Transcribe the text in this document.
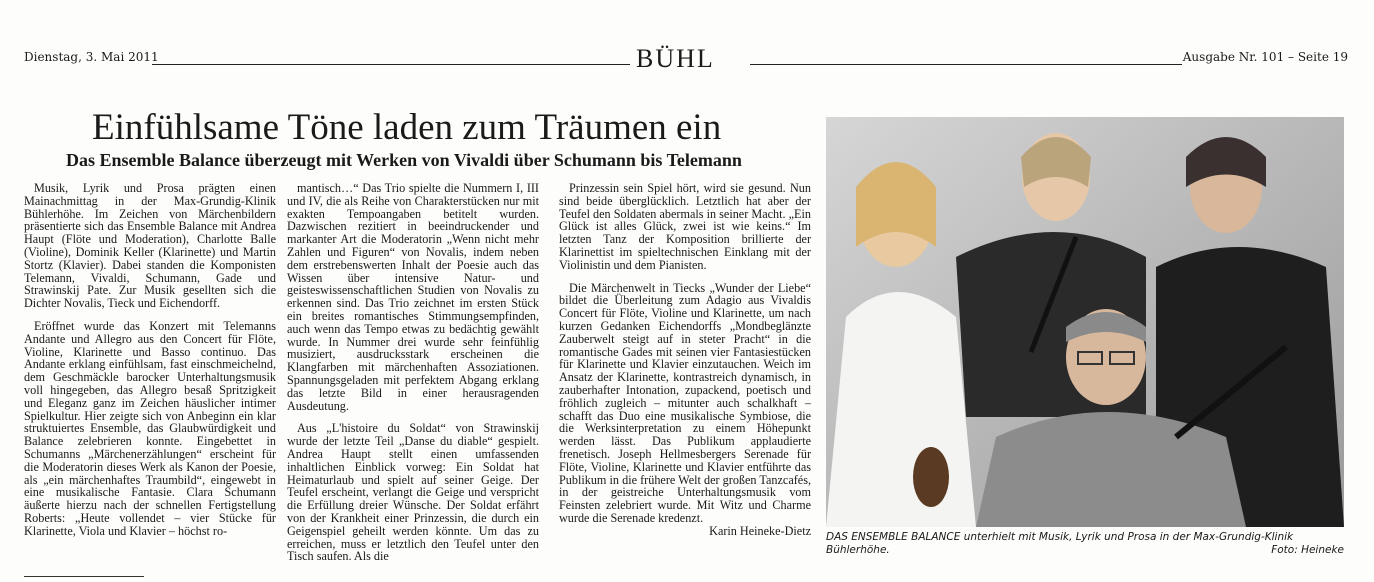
Dienstag, 3. Mai 2011	BÜHL	Ausgabe Nr. 101 – Seite 19
Einfühlsame Töne laden zum Träumen ein
Das Ensemble Balance überzeugt mit Werken von Vivaldi über Schumann bis Telemann

Musik, Lyrik und Prosa prägten einen Mainachmittag in der Max-Grundig-Klinik Bühlerhöhe. Im Zeichen von Märchenbildern präsentierte sich das Ensemble Balance mit Andrea Haupt (Flöte und Moderation), Charlotte Balle (Violine), Dominik Keller (Klarinette) und Martin Stortz (Klavier). Dabei standen die Komponisten Telemann, Vivaldi, Schumann, Gade und Strawinskij Pate. Zur Musik gesellten sich die Dichter Novalis, Tieck und Eichendorff.

Eröffnet wurde das Konzert mit Telemanns Andante und Allegro aus den Concert für Flöte, Violine, Klarinette und Basso continuo. Das Andante erklang einfühlsam, fast einschmeichelnd, dem Geschmäckle barocker Unterhaltungsmusik voll hingegeben, das Allegro besaß Spritzigkeit und Eleganz ganz im Zeichen häuslicher intimer Spielkultur. Hier zeigte sich von Anbeginn ein klar struktuiertes Ensemble, das Glaubwürdigkeit und Balance zelebrieren konnte. Eingebettet in Schumanns „Märchenerzählungen“ erscheint für die Moderatorin dieses Werk als Kanon der Poesie, als „ein märchenhaftes Traumbild“, eingewebt in eine musikalische Fantasie. Clara Schumann äußerte hierzu nach der schnellen Fertigstellung Roberts: „Heute vollendet – vier Stücke für Klarinette, Viola und Klavier – höchst ro-

mantisch…“ Das Trio spielte die Nummern I, III und IV, die als Reihe von Charakterstücken nur mit exakten Tempoangaben betitelt wurden. Dazwischen rezitiert in beeindruckender und markanter Art die Moderatorin „Wenn nicht mehr Zahlen und Figuren“ von Novalis, indem neben dem erstrebenswerten Inhalt der Poesie auch das Wissen über intensive Natur- und geisteswissenschaftlichen Studien von Novalis zu erkennen sind. Das Trio zeichnet im ersten Stück ein breites romantisches Stimmungsempfinden, auch wenn das Tempo etwas zu bedächtig gewählt wurde. In Nummer drei wurde sehr feinfühlig musiziert, ausdrucksstark erscheinen die Klangfarben mit märchenhaften Assoziationen. Spannungsgeladen mit perfektem Abgang erklang das letzte Bild in einer herausragenden Ausdeutung.

Aus „L'histoire du Soldat“ von Strawinskij wurde der letzte Teil „Danse du diable“ gespielt. Andrea Haupt stellt einen umfassenden inhaltlichen Einblick vorweg: Ein Soldat hat Heimaturlaub und spielt auf seiner Geige. Der Teufel erscheint, verlangt die Geige und verspricht die Erfüllung dreier Wünsche. Der Soldat erfährt von der Krankheit einer Prinzessin, die durch ein Geigenspiel geheilt werden könnte. Um das zu erreichen, muss er letztlich den Teufel unter den Tisch saufen. Als die

Prinzessin sein Spiel hört, wird sie gesund. Nun sind beide überglücklich. Letztlich hat aber der Teufel den Soldaten abermals in seiner Macht. „Ein Glück ist alles Glück, zwei ist wie keins.“ Im letzten Tanz der Komposition brillierte der Klarinettist im spieltechnischen Einklang mit der Violinistin und dem Pianisten.

Die Märchenwelt in Tiecks „Wunder der Liebe“ bildet die Überleitung zum Adagio aus Vivaldis Concert für Flöte, Violine und Klarinette, um nach kurzen Gedanken Eichendorffs „Mondbeglänzte Zauberwelt steigt auf in steter Pracht“ in die romantische Gades mit seinen vier Fantasiestücken für Klarinette und Klavier einzutauchen. Weich im Ansatz der Klarinette, kontrastreich dynamisch, in zauberhafter Intonation, zupackend, poetisch und fröhlich zugleich – mitunter auch schalkhaft – schafft das Duo eine musikalische Symbiose, die die Werksinterpretation zu einem Höhepunkt werden lässt. Das Publikum applaudierte frenetisch. Joseph Hellmesbergers Serenade für Flöte, Violine, Klarinette und Klavier entführte das Publikum in die frühere Welt der großen Tanzcafés, in der geistreiche Unterhaltungsmusik vom Feinsten zelebriert wurde. Mit Witz und Charme wurde die Serenade kredenzt.

Karin Heineke-Dietz DAS ENSEMBLE BALANCE unterhielt mit Musik, Lyrik und Prosa in der Max-Grundig-Klinik Bühlerhöhe.	Foto: Heineke
